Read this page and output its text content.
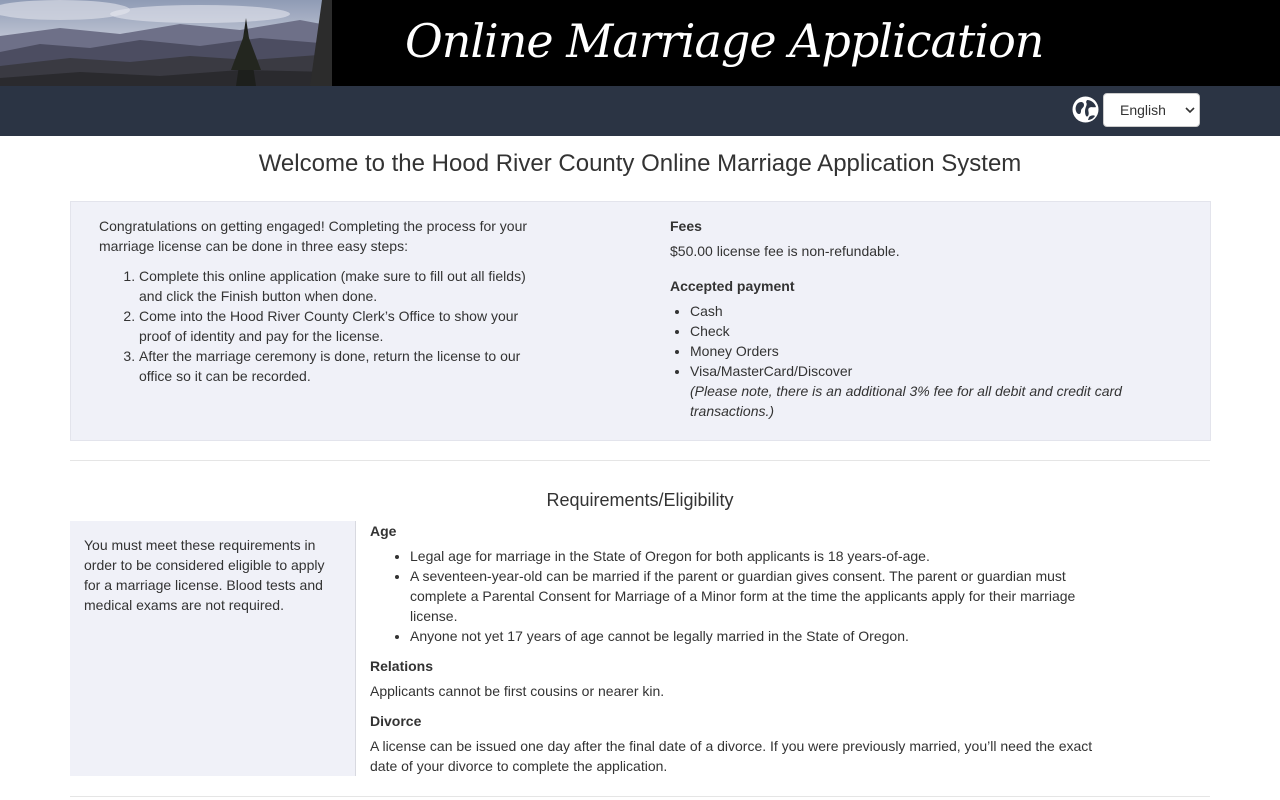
Online Marriage Application
English
Welcome to the Hood River County Online Marriage Application System
Congratulations on getting engaged! Completing the process for your marriage license can be done in three easy steps:
1. Complete this online application (make sure to fill out all fields) and click the Finish button when done.
2. Come into the Hood River County Clerk’s Office to show your proof of identity and pay for the license.
3. After the marriage ceremony is done, return the license to our office so it can be recorded.
Fees

$50.00 license fee is non-refundable.

Accepted payment
• Cash
• Check
• Money Orders
• Visa/MasterCard/Discover
(Please note, there is an additional 3% fee for all debit and credit card transactions.)
Requirements/Eligibility
You must meet these requirements in order to be considered eligible to apply for a marriage license. Blood tests and medical exams are not required.
Age
• Legal age for marriage in the State of Oregon for both applicants is 18 years-of-age.
• A seventeen-year-old can be married if the parent or guardian gives consent. The parent or guardian must complete a Parental Consent for Marriage of a Minor form at the time the applicants apply for their marriage license.
• Anyone not yet 17 years of age cannot be legally married in the State of Oregon.
Relations

Applicants cannot be first cousins or nearer kin.

Divorce

A license can be issued one day after the final date of a divorce. If you were previously married, you’ll need the exact date of your divorce to complete the application.
